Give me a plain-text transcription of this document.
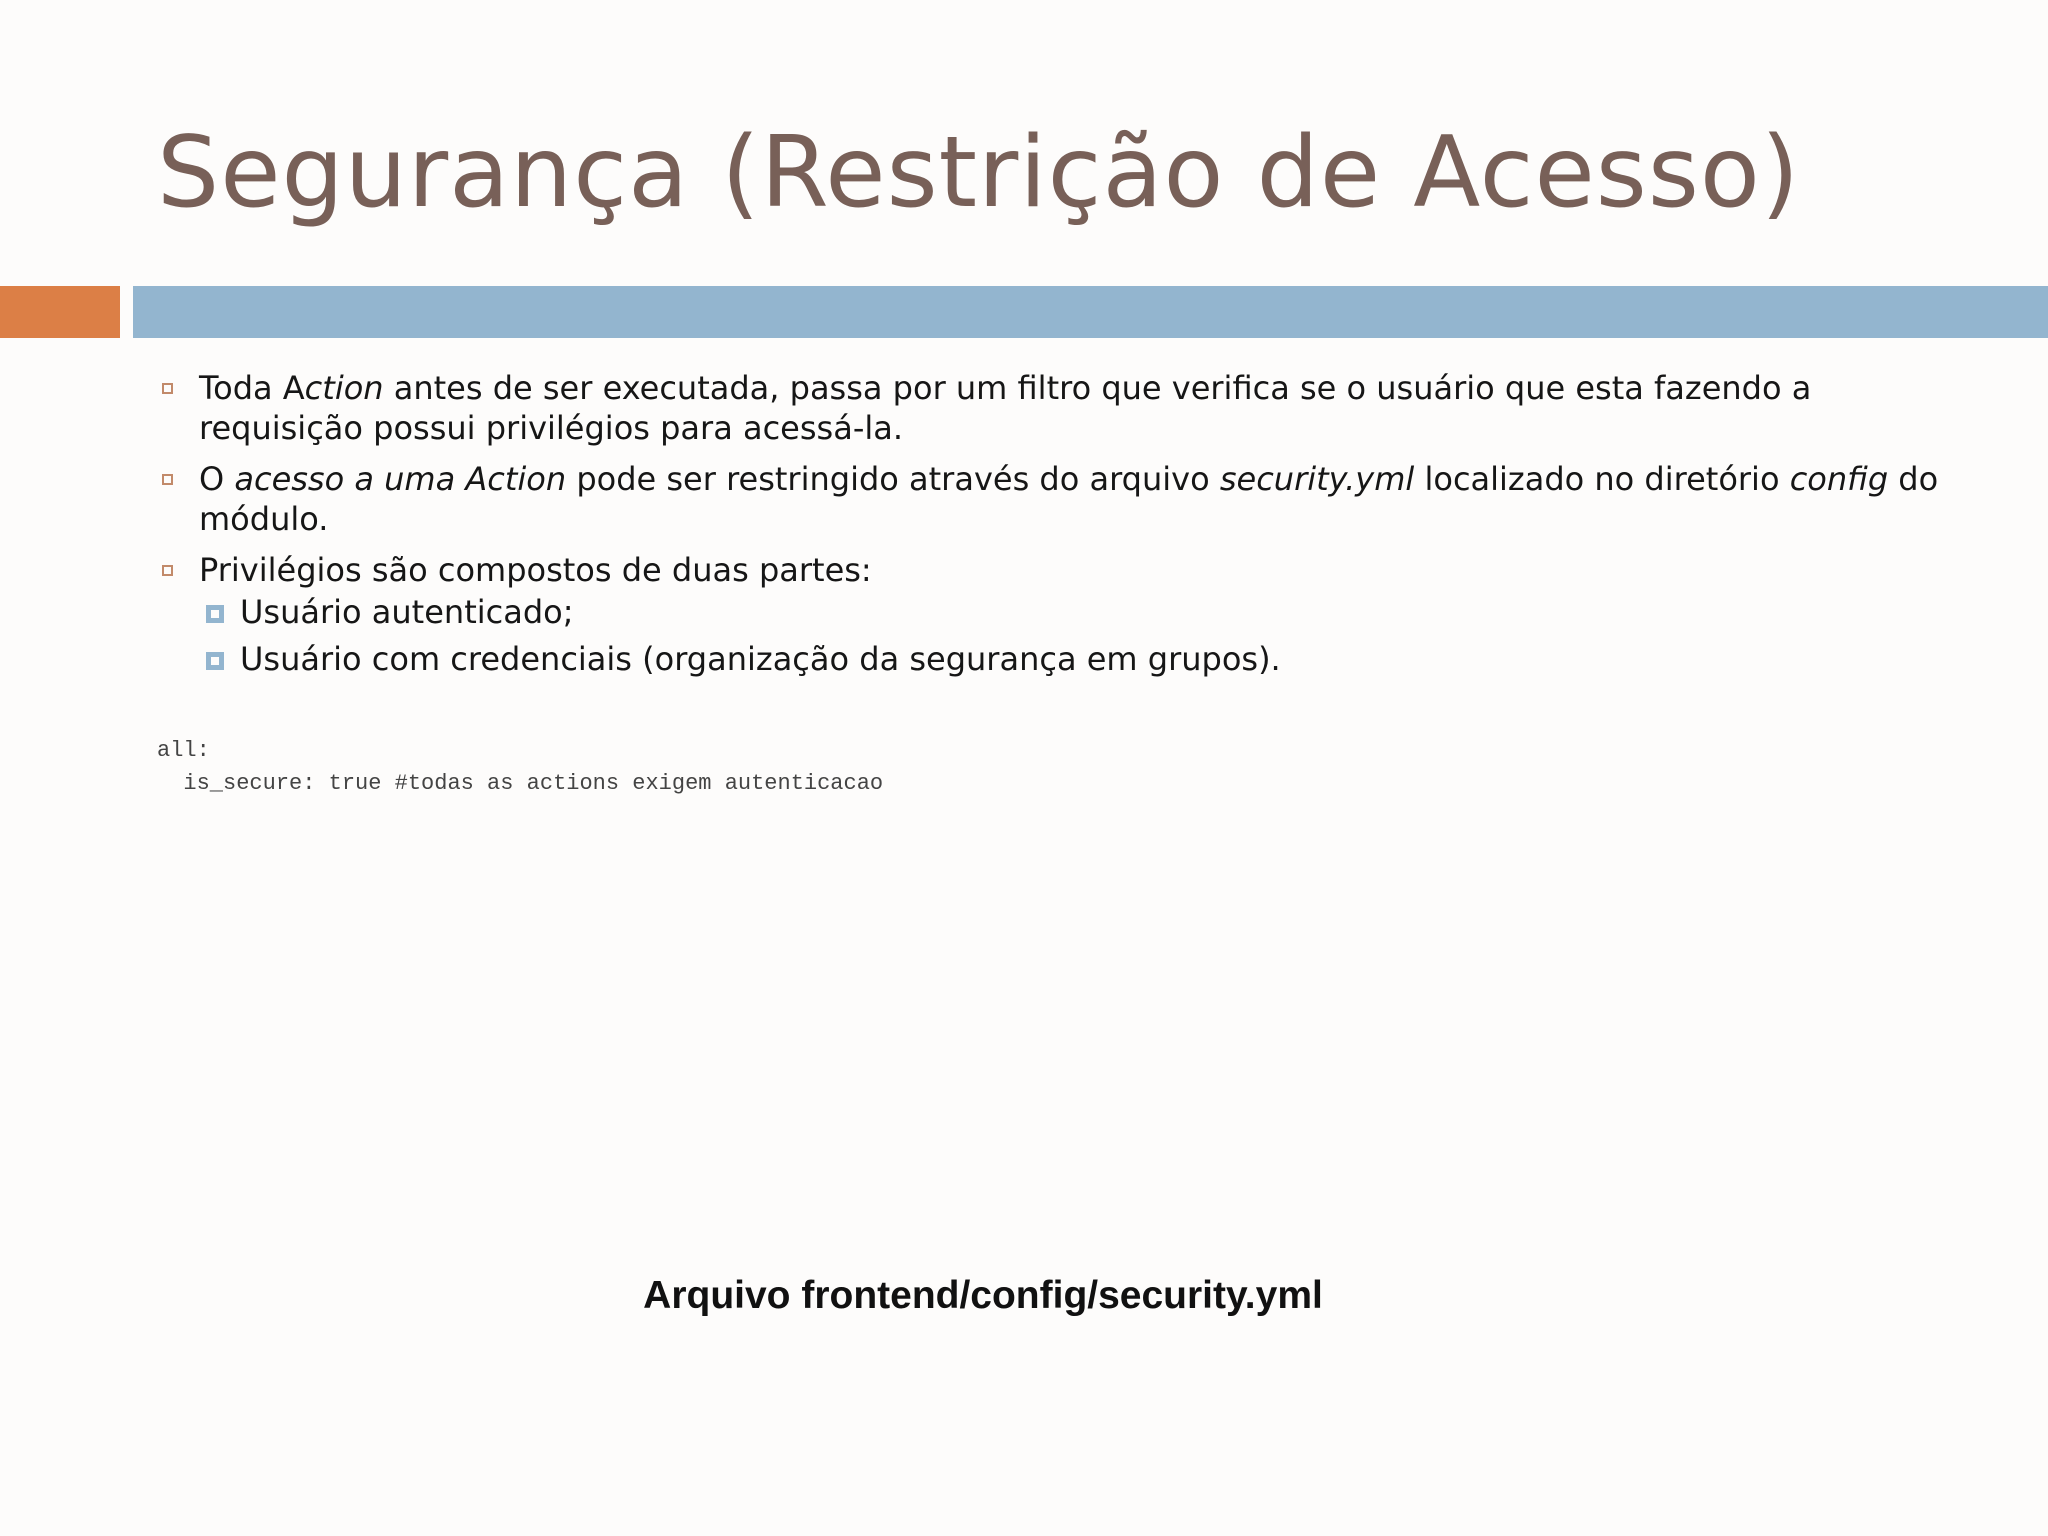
Segurança (Restrição de Acesso)
Toda Action antes de ser executada, passa por um filtro que verifica se o usuário que esta fazendo a requisição possui privilégios para acessá-la.
O acesso a uma Action pode ser restringido através do arquivo security.yml localizado no diretório config do módulo.
Privilégios são compostos de duas partes:
Usuário autenticado;
Usuário com credenciais (organização da segurança em grupos).
all:
is_secure: true #todas as actions exigem autenticacao
Arquivo frontend/config/security.yml
